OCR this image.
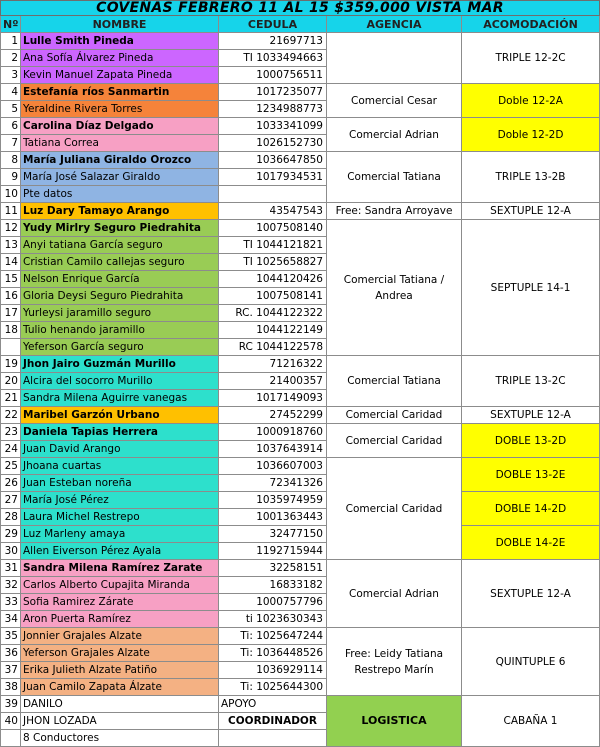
COVEÑAS FEBRERO 11 AL 15 $359.000 VISTA MAR				
Nº	NOMBRE	CEDULA	AGENCIA	ACOMODACIÓN
1	Lulle Smith Pineda	21697713		TRIPLE 12-2C
2	Ana Sofía Álvarez Pineda	TI 1033494663		
3	Kevin Manuel Zapata Pineda	1000756511		
4	Estefanía ríos Sanmartin	1017235077	Comercial Cesar	Doble 12-2A
5	Yeraldine Rivera Torres	1234988773		
6	Carolina Díaz Delgado	1033341099	Comercial Adrian	Doble 12-2D
7	Tatiana Correa	1026152730		
8	María Juliana Giraldo Orozco	1036647850	Comercial Tatiana	TRIPLE 13-2B
9	María José Salazar Giraldo	1017934531		
10	Pte datos			
11	Luz Dary Tamayo Arango	43547543	Free: Sandra Arroyave	SEXTUPLE 12-A
12	Yudy Mirlry Seguro Piedrahita	1007508140	Comercial Tatiana / Andrea	SEPTUPLE 14-1
13	Anyi tatiana García seguro	TI 1044121821		
14	Cristian Camilo callejas seguro	TI 1025658827		
15	Nelson Enrique García	1044120426		
16	Gloria Deysi Seguro Piedrahita	1007508141		
17	Yurleysi jaramillo seguro	RC. 1044122322		
18	Tulio henando jaramillo	1044122149		
	Yeferson García seguro	RC 1044122578		
19	Jhon Jairo Guzmán Murillo	71216322	Comercial Tatiana	TRIPLE 13-2C
20	Alcira del socorro Murillo	21400357		
21	Sandra Milena Aguirre vanegas	1017149093		
22	Maribel Garzón Urbano	27452299	Comercial Caridad	SEXTUPLE 12-A
23	Daniela Tapias Herrera	1000918760	Comercial Caridad	DOBLE 13-2D
24	Juan David Arango	1037643914		
25	Jhoana cuartas	1036607003	Comercial Caridad	DOBLE 13-2E
26	Juan Esteban noreña	72341326		
27	María José Pérez	1035974959		DOBLE 14-2D
28	Laura Michel Restrepo	1001363443		
29	Luz Marleny amaya	32477150		DOBLE 14-2E
30	Allen Eiverson Pérez Ayala	1192715944		
31	Sandra Milena Ramírez Zarate	32258151	Comercial Adrian	SEXTUPLE 12-A
32	Carlos Alberto Cupajita Miranda	16833182		
33	Sofia Ramirez Zárate	1000757796		
34	Aron Puerta Ramírez	ti 1023630343		
35	Jonnier Grajales Alzate	Ti: 1025647244	Free: Leidy Tatiana Restrepo Marín	QUINTUPLE 6
36	Yeferson Grajales Alzate	Ti: 1036448526		
37	Erika Julieth Alzate Patiño	1036929114		
38	Juan Camilo Zapata Álzate	Ti: 1025644300		
39	DANILO	APOYO	LOGISTICA	CABAÑA 1
40	JHON LOZADA	COORDINADOR		
	8 Conductores			
